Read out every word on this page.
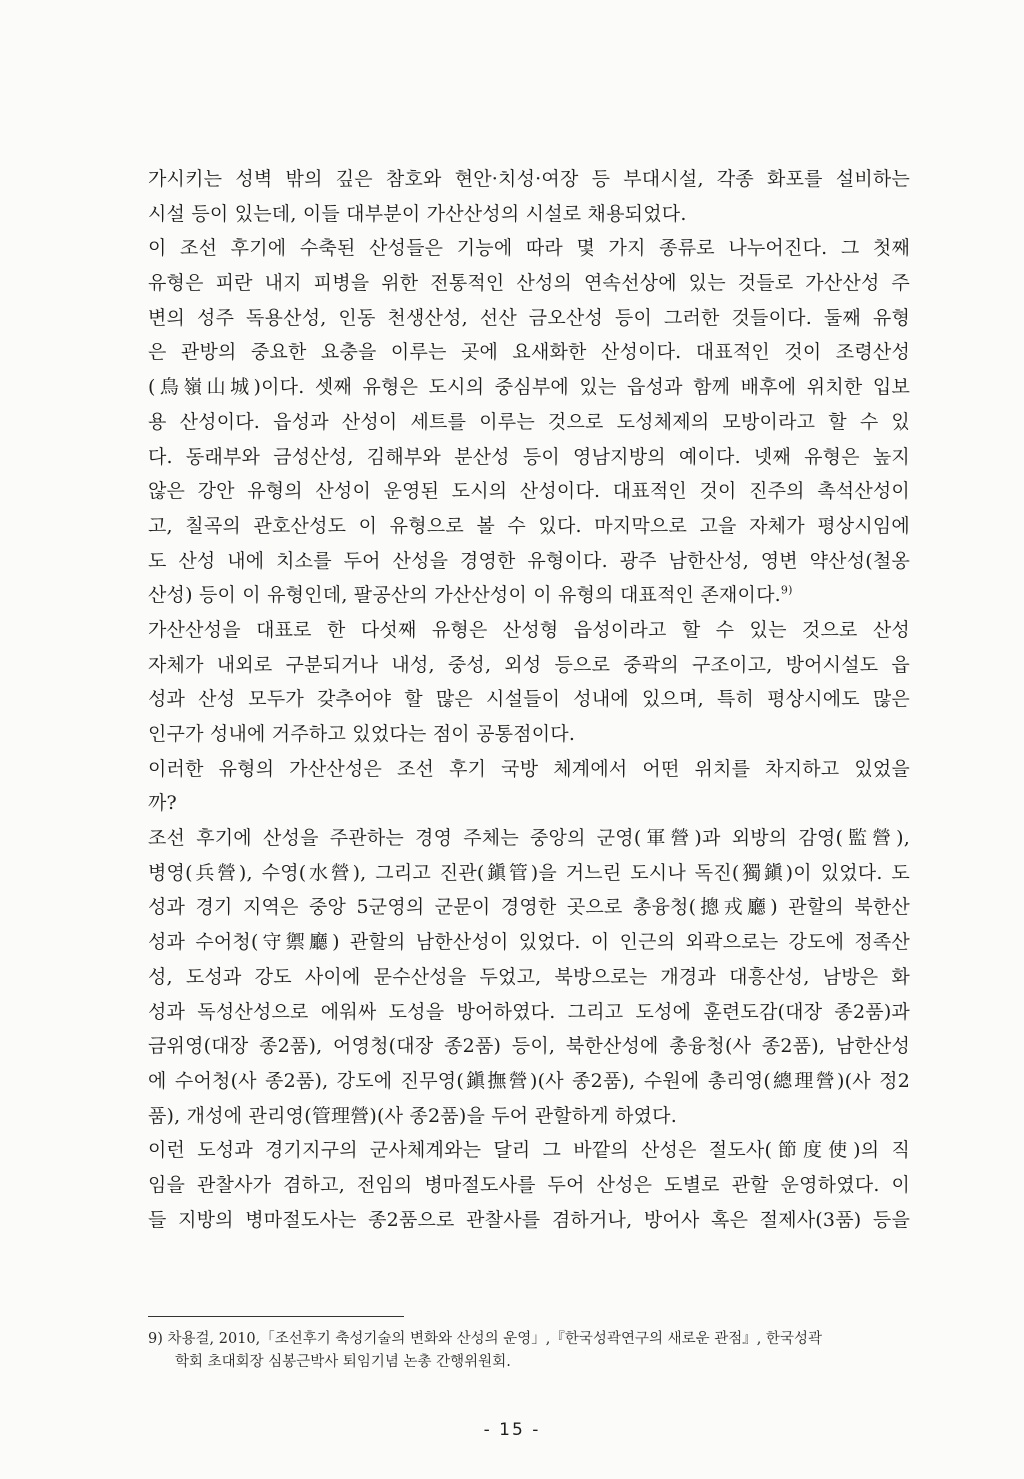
가시키는 성벽 밖의 깊은 참호와 현안·치성·여장 등 부대시설, 각종 화포를 설비하는
시설 등이 있는데, 이들 대부분이 가산산성의 시설로 채용되었다.
이 조선 후기에 수축된 산성들은 기능에 따라 몇 가지 종류로 나누어진다. 그 첫째
유형은 피란 내지 피병을 위한 전통적인 산성의 연속선상에 있는 것들로 가산산성 주
변의 성주 독용산성, 인동 천생산성, 선산 금오산성 등이 그러한 것들이다. 둘째 유형
은 관방의 중요한 요충을 이루는 곳에 요새화한 산성이다. 대표적인 것이 조령산성
(鳥嶺山城)이다. 셋째 유형은 도시의 중심부에 있는 읍성과 함께 배후에 위치한 입보
용 산성이다. 읍성과 산성이 세트를 이루는 것으로 도성체제의 모방이라고 할 수 있
다. 동래부와 금성산성, 김해부와 분산성 등이 영남지방의 예이다. 넷째 유형은 높지
않은 강안 유형의 산성이 운영된 도시의 산성이다. 대표적인 것이 진주의 촉석산성이
고, 칠곡의 관호산성도 이 유형으로 볼 수 있다. 마지막으로 고을 자체가 평상시임에
도 산성 내에 치소를 두어 산성을 경영한 유형이다. 광주 남한산성, 영변 약산성(철옹
산성) 등이 이 유형인데, 팔공산의 가산산성이 이 유형의 대표적인 존재이다.$^{9)}$
가산산성을 대표로 한 다섯째 유형은 산성형 읍성이라고 할 수 있는 것으로 산성
자체가 내외로 구분되거나 내성, 중성, 외성 등으로 중곽의 구조이고, 방어시설도 읍
성과 산성 모두가 갖추어야 할 많은 시설들이 성내에 있으며, 특히 평상시에도 많은
인구가 성내에 거주하고 있었다는 점이 공통점이다.
이러한 유형의 가산산성은 조선 후기 국방 체계에서 어떤 위치를 차지하고 있었을
까?
조선 후기에 산성을 주관하는 경영 주체는 중앙의 군영(軍營)과 외방의 감영(監營),
병영(兵營), 수영(水營), 그리고 진관(鎭管)을 거느린 도시나 독진(獨鎭)이 있었다. 도
성과 경기 지역은 중앙 5군영의 군문이 경영한 곳으로 총융청(摠戎廳) 관할의 북한산
성과 수어청(守禦廳) 관할의 남한산성이 있었다. 이 인근의 외곽으로는 강도에 정족산
성, 도성과 강도 사이에 문수산성을 두었고, 북방으로는 개경과 대흥산성, 남방은 화
성과 독성산성으로 에워싸 도성을 방어하였다. 그리고 도성에 훈련도감(대장 종2품)과
금위영(대장 종2품), 어영청(대장 종2품) 등이, 북한산성에 총융청(사 종2품), 남한산성
에 수어청(사 종2품), 강도에 진무영(鎭撫營)(사 종2품), 수원에 총리영(總理營)(사 정2
품), 개성에 관리영(管理營)(사 종2품)을 두어 관할하게 하였다.
이런 도성과 경기지구의 군사체계와는 달리 그 바깥의 산성은 절도사(節度使)의 직
임을 관찰사가 겸하고, 전임의 병마절도사를 두어 산성은 도별로 관할 운영하였다. 이
들 지방의 병마절도사는 종2품으로 관찰사를 겸하거나, 방어사 혹은 절제사(3품) 등을
9) 차용걸, 2010,「조선후기 축성기술의 변화와 산성의 운영」,『한국성곽연구의 새로운 관점』, 한국성곽
학회 초대회장 심봉근박사 퇴임기념 논총 간행위원회.
- 15 -
